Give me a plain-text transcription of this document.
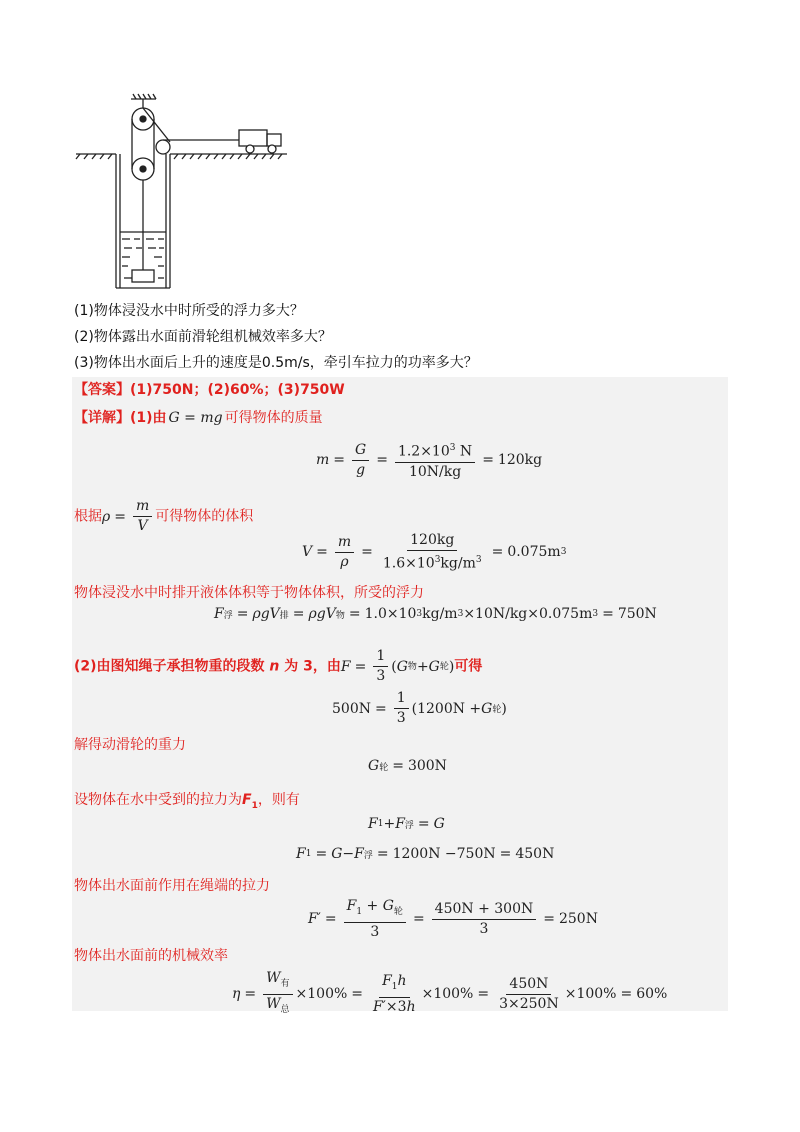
(1)物体浸没水中时所受的浮力多大？
(2)物体露出水面前滑轮组机械效率多大？
(3)物体出水面后上升的速度是0.5m/s，牵引车拉力的功率多大？
【答案】(1)750N；(2)60%；(3)750W
【详解】(1)由 G = mg 可得物体的质量
$m = \frac{G}{g} = \frac{1.2\times 10^3 N}{10N/kg} = 120kg$
根据 $\rho = \frac{m}{V}$ 可得物体的体积
$V = \frac{m}{\rho} = \frac{120kg}{1.6\times 10^3kg/m^3} = 0.075m$ 3
物体浸没水中时排开液体体积等于物体体积，所受的浮力
F 浮 = ρgV 排 = ρgV 物 = 1.0×10 3 kg/m 3 ×10N/kg×0.075m 3 = 750N
(2)由图知绳子承担物重的段数 n 为 3，由 $F = \frac{1}{3}$ ( G 物 + G 轮 )可得
$500N = \frac{1}{3} (1200N + G$ 轮 )
解得动滑轮的重力
G 轮 = 300N
设物体在水中受到的拉力为$F_1$，则有
F 1 + F 浮 = G
F 1 = G − F 浮 = 1200N −750N = 450N
物体出水面前作用在绳端的拉力
F ′ = $\frac{F_1 + G_轮}{3} = \frac{450N + 300N}{3} = 250N$
物体出水面前的机械效率
$\eta = \frac{W_有}{W_总} \times 100\% = \frac{F_1h}{F'\times 3h} \times 100\% = \frac{450N}{3\times 250N} \times 100\% = 60\%$
